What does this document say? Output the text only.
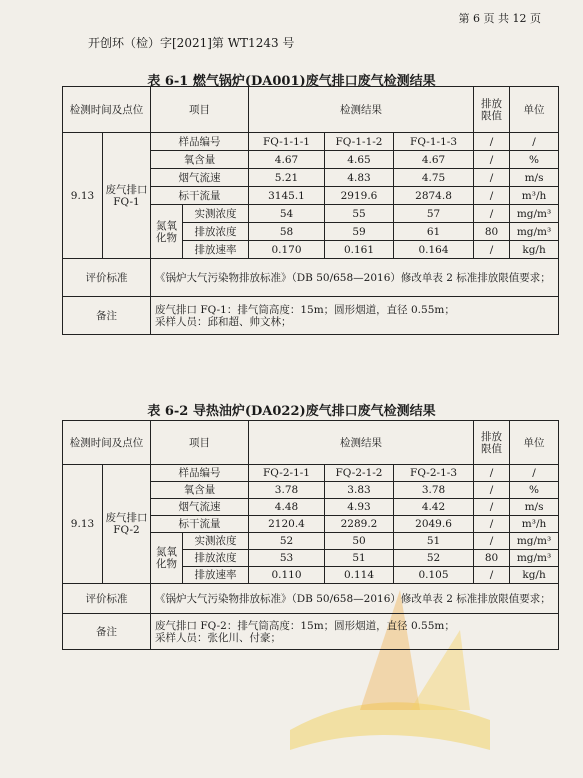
第 6 页 共 12 页
开创环（检）字[2021]第 WT1243 号
表 6-1 燃气锅炉(DA001)废气排口废气检测结果
检测时间及点位		项目		检测结果			排放限值	单位
9.13	废气排口FQ-1	样品编号		FQ-1-1-1	FQ-1-1-2	FQ-1-1-3	/	/
		氧含量		4.67	4.65	4.67	/	%
		烟气流速		5.21	4.83	4.75	/	m/s
		标干流量		3145.1	2919.6	2874.8	/	m³/h
		氮氧化物	实测浓度	54	55	57	/	mg/m³
			排放浓度	58	59	61	80	mg/m³
			排放速率	0.170	0.161	0.164	/	kg/h
评价标准		《锅炉大气污染物排放标准》（DB 50/658—2016）修改单表 2 标准排放限值要求；						
备注		废气排口 FQ-1：排气筒高度：15m；圆形烟道，直径 0.55m；
采样人员：邱和超、帅文林；						
表 6-2 导热油炉(DA022)废气排口废气检测结果
检测时间及点位		项目		检测结果			排放限值	单位
9.13	废气排口FQ-2	样品编号		FQ-2-1-1	FQ-2-1-2	FQ-2-1-3	/	/
		氧含量		3.78	3.83	3.78	/	%
		烟气流速		4.48	4.93	4.42	/	m/s
		标干流量		2120.4	2289.2	2049.6	/	m³/h
		氮氧化物	实测浓度	52	50	51	/	mg/m³
			排放浓度	53	51	52	80	mg/m³
			排放速率	0.110	0.114	0.105	/	kg/h
评价标准		《锅炉大气污染物排放标准》（DB 50/658—2016）修改单表 2 标准排放限值要求；						
备注		废气排口 FQ-2：排气筒高度：15m；圆形烟道，直径 0.55m；
采样人员：张化川、付豪；						
